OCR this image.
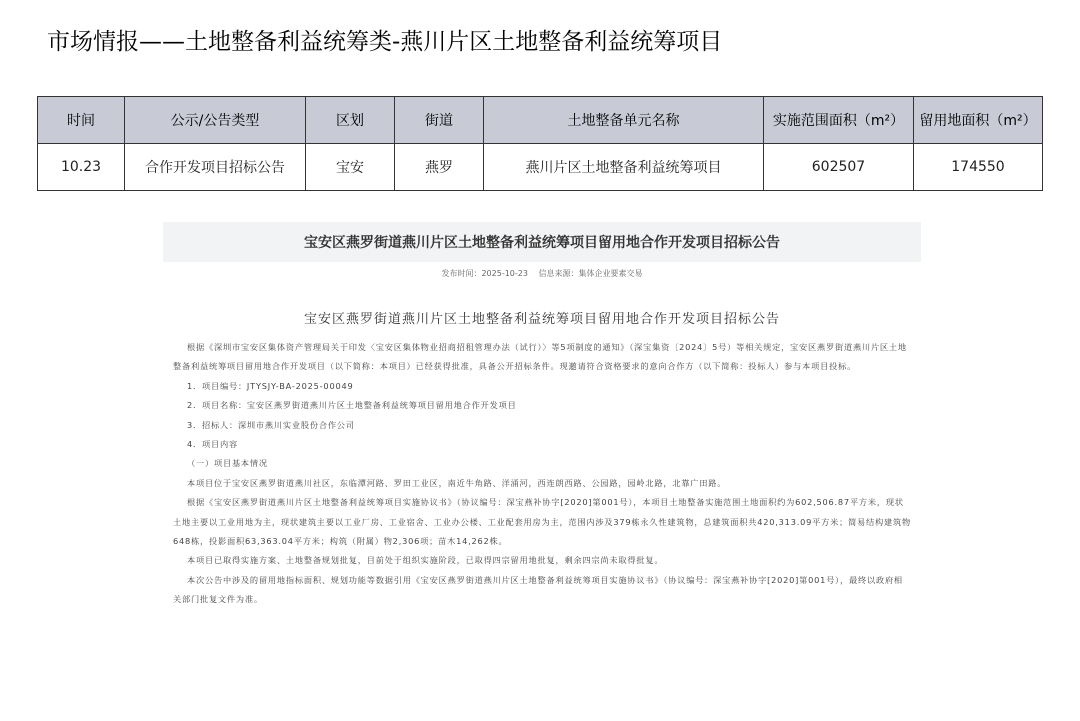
市场情报——土地整备利益统筹类-燕川片区土地整备利益统筹项目
时间	公示/公告类型	区划	街道	土地整备单元名称	实施范围面积（m²）	留用地面积（m²）
10.23	合作开发项目招标公告	宝安	燕罗	燕川片区土地整备利益统筹项目	602507	174550
宝安区燕罗街道燕川片区土地整备利益统筹项目留用地合作开发项目招标公告
发布时间：2025-10-23 信息来源：集体企业要素交易
宝安区燕罗街道燕川片区土地整备利益统筹项目留用地合作开发项目招标公告

根据《深圳市宝安区集体资产管理局关于印发〈宝安区集体物业招商招租管理办法（试行）〉等5项制度的通知》（深宝集资〔2024〕5号）等相关规定，宝安区燕罗街道燕川片区土地整备利益统筹项目留用地合作开发项目（以下简称：本项目）已经获得批准，具备公开招标条件。现邀请符合资格要求的意向合作方（以下简称：投标人）参与本项目投标。

1．项目编号：JTYSJY-BA-2025-00049

2．项目名称：宝安区燕罗街道燕川片区土地整备利益统筹项目留用地合作开发项目

3．招标人：深圳市燕川实业股份合作公司

4．项目内容

（一）项目基本情况

本项目位于宝安区燕罗街道燕川社区，东临潭河路、罗田工业区，南近牛角路、洋涌河，西连朗西路、公园路，园岭北路，北靠广田路。

根据《宝安区燕罗街道燕川片区土地整备利益统筹项目实施协议书》（协议编号：深宝燕补协字[2020]第001号），本项目土地整备实施范围土地面积约为602,506.87平方米，现状土地主要以工业用地为主，现状建筑主要以工业厂房、工业宿舍、工业办公楼、工业配套用房为主，范围内涉及379栋永久性建筑物，总建筑面积共420,313.09平方米；简易结构建筑物648栋，投影面积63,363.04平方米；构筑（附属）物2,306项；苗木14,262株。

本项目已取得实施方案、土地整备规划批复，目前处于组织实施阶段，已取得四宗留用地批复，剩余四宗尚未取得批复。

本次公告中涉及的留用地指标面积、规划功能等数据引用《宝安区燕罗街道燕川片区土地整备利益统筹项目实施协议书》（协议编号：深宝燕补协字[2020]第001号），最终以政府相关部门批复文件为准。
